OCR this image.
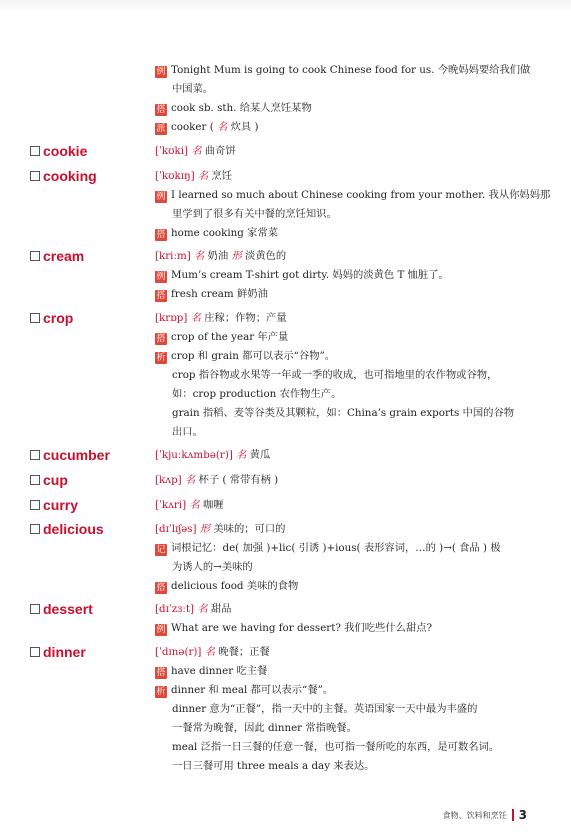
例 Tonight Mum is going to cook Chinese food for us. 今晚妈妈要给我们做
中国菜。
搭 cook sb. sth. 给某人烹饪某物
派 cooker ( 名 炊具 )
cookie	[ˈkʊki] 名 曲奇饼
cooking	[ˈkʊkɪŋ] 名 烹饪
例 I learned so much about Chinese cooking from your mother. 我从你妈妈那
里学到了很多有关中餐的烹饪知识。
搭 home cooking 家常菜
cream	[kriːm] 名 奶油 形 淡黄色的
例 Mum’s cream T-shirt got dirty. 妈妈的淡黄色 T 恤脏了。
搭 fresh cream 鲜奶油
crop	[krɒp] 名 庄稼；作物；产量
搭 crop of the year 年产量
析 crop 和 grain 都可以表示“谷物”。
crop 指谷物或水果等一年或一季的收成，也可指地里的农作物或谷物，
如：crop production 农作物生产。
grain 指稻、麦等谷类及其颗粒，如：China’s grain exports 中国的谷物
出口。
cucumber	[ˈkjuːkʌmbə(r)] 名 黄瓜
cup	[kʌp] 名 杯子 ( 常带有柄 )
curry	[ˈkʌri] 名 咖喱
delicious	[dɪˈlɪʃəs] 形 美味的；可口的
记 词根记忆：de( 加强 )+lic( 引诱 )+ious( 表形容词，…的 )→( 食品 ) 极
为诱人的→美味的
搭 delicious food 美味的食物
dessert	[dɪˈzɜːt] 名 甜品
例 What are we having for dessert? 我们吃些什么甜点?
dinner	[ˈdɪnə(r)] 名 晚餐；正餐
搭 have dinner 吃主餐
析 dinner 和 meal 都可以表示“餐”。
dinner 意为“正餐”，指一天中的主餐。英语国家一天中最为丰盛的
一餐常为晚餐，因此 dinner 常指晚餐。
meal 泛指一日三餐的任意一餐，也可指一餐所吃的东西，是可数名词。
一日三餐可用 three meals a day 来表达。
食物、饮料和烹饪 3
